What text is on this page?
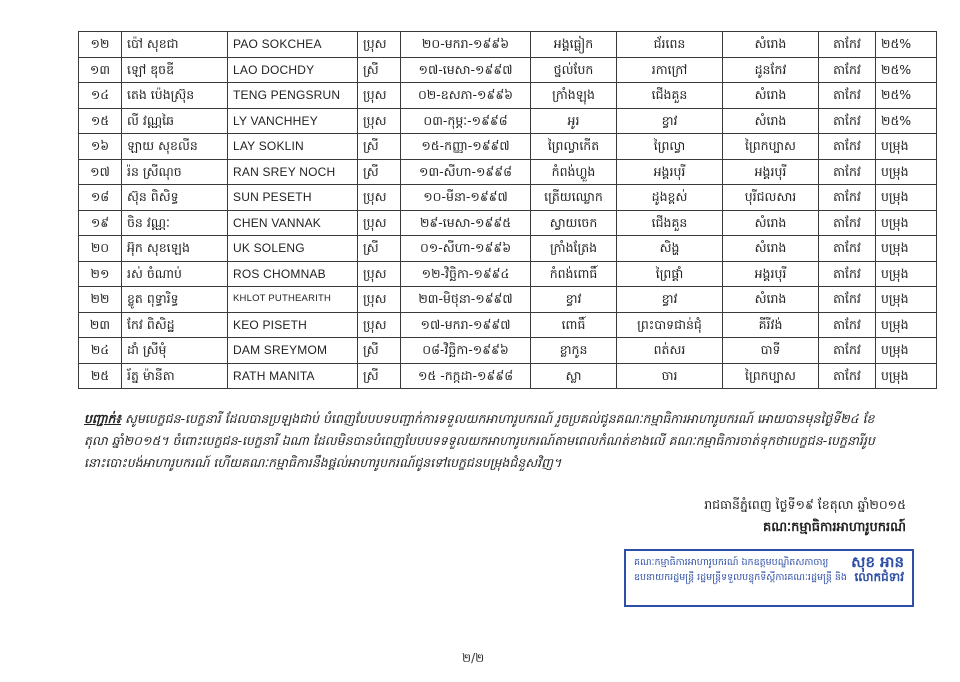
១២	ប៉ៅ សុខជា	PAO SOKCHEA	ប្រុស	២០-មករា-១៩៩៦	អង្គធ្លៀក	ជ័រពេន	សំរោង	តាកែវ	២៥%
១៣	ឡៅ ឌុចឌី	LAO DOCHDY	ស្រី	១៧-មេសា-១៩៩៧	ថ្នល់បែក	រកាក្រៅ	ដូនកែវ	តាកែវ	២៥%
១៤	តេង ប៉េងស្រ៊ុន	TENG PENGSRUN	ប្រុស	០២-ឧសភា-១៩៩៦	ក្រាំងឡុង	ជើងគួន	សំរោង	តាកែវ	២៥%
១៥	លី វណ្ណឆៃ	LY VANCHHEY	ប្រុស	០៣-កុម្ភៈ-១៩៩៨	អូរ	ខ្វាវ	សំរោង	តាកែវ	២៥%
១៦	ឡាយ សុខលីន	LAY SOKLIN	ស្រី	១៥-កញ្ញា-១៩៩៧	ព្រៃល្វាកើត	ព្រៃល្វា	ព្រៃកប្បាស	តាកែវ	បម្រុង
១៧	រ៉ន ស្រីណុច	RAN SREY NOCH	ស្រី	១៣-សីហា-១៩៩៨	កំពង់ហ្លួង	អង្គរបុរី	អង្គរបុរី	តាកែវ	បម្រុង
១៨	ស៊ុន ពិសិទ្ធ	SUN PESETH	ប្រុស	១០-មីនា-១៩៩៧	ត្រើយឈ្លោក	ដូងខ្ពស់	បុរីជលសារ	តាកែវ	បម្រុង
១៩	ចិន វណ្ណៈ	CHEN VANNAK	ប្រុស	២៩-មេសា-១៩៩៥	ស្វាយចេក	ជើងគួន	សំរោង	តាកែវ	បម្រុង
២០	អ៊ុក សុខឡេង	UK SOLENG	ស្រី	០១-សីហា-១៩៩៦	ក្រាំងត្រែង	សិង្ហ	សំរោង	តាកែវ	បម្រុង
២១	រស់ ចំណាប់	ROS CHOMNAB	ប្រុស	១២-វិច្ឆិកា-១៩៩៤	កំពង់ពោធិ៍	ព្រៃផ្គាំ	អង្គរបុរី	តាកែវ	បម្រុង
២២	ខ្លូត ពុទ្ធារិទ្ធ	KHLOT PUTHEARITH	ប្រុស	២៣-មិថុនា-១៩៩៧	ខ្វាវ	ខ្វាវ	សំរោង	តាកែវ	បម្រុង
២៣	កែវ ពិសិដ្ឋ	KEO PISETH	ប្រុស	១៧-មករា-១៩៩៧	ពោធិ៍	ព្រះបាទជាន់ជុំ	គីរីវង់	តាកែវ	បម្រុង
២៤	ដាំ ស្រីមុំ	DAM SREYMOM	ស្រី	០៨-វិច្ឆិកា-១៩៩៦	ខ្លាកូន	ពត់សរ	បាទី	តាកែវ	បម្រុង
២៥	រ័ត្ន ម៉ានីតា	RATH MANITA	ស្រី	១៥ -កក្កដា-១៩៩៨	ស្លា	ចារ	ព្រៃកប្បាស	តាកែវ	បម្រុង
បញ្ជាក់៖ សូមបេក្ខជន-បេក្ខនារី ដែលបានប្រឡងជាប់ បំពេញបែបបទបញ្ជាក់ការទទួលយកអាហារូបករណ៍ រួចប្រគល់ជូនគណៈកម្មាធិការអាហារូបករណ៍ អោយបានមុនថ្ងៃទី២៤ ខែតុលា ឆ្នាំ២០១៥។ ចំពោះបេក្ខជន-បេក្ខនារី ឯណា ដែលមិនបានបំពេញបែបបទទទួលយកអាហារូបករណ៍តាមពេលកំណត់ខាងលើ គណៈកម្មាធិការចាត់ទុកថាបេក្ខជន-បេក្ខនារីរូបនោះបោះបង់អាហារូបករណ៍ ហើយគណៈកម្មាធិការនឹងផ្ដល់អាហារូបករណ៍ជូនទៅបេក្ខជនបម្រុងជំនួសវិញ។
រាជធានីភ្នំពេញ ថ្ងៃទី១៩ ខែតុលា ឆ្នាំ២០១៥
គណៈកម្មាធិការអាហារូបករណ៍
គណៈកម្មាធិការអាហារូបករណ៍ ឯកឧត្តមបណ្ឌិតសភាចារ្យ សុខ អាន
ឧបនាយករដ្ឋមន្ត្រី រដ្ឋមន្ត្រីទទួលបន្ទុកទីស្ដីការគណៈរដ្ឋមន្ត្រី និង លោកជំទាវ
២/២
